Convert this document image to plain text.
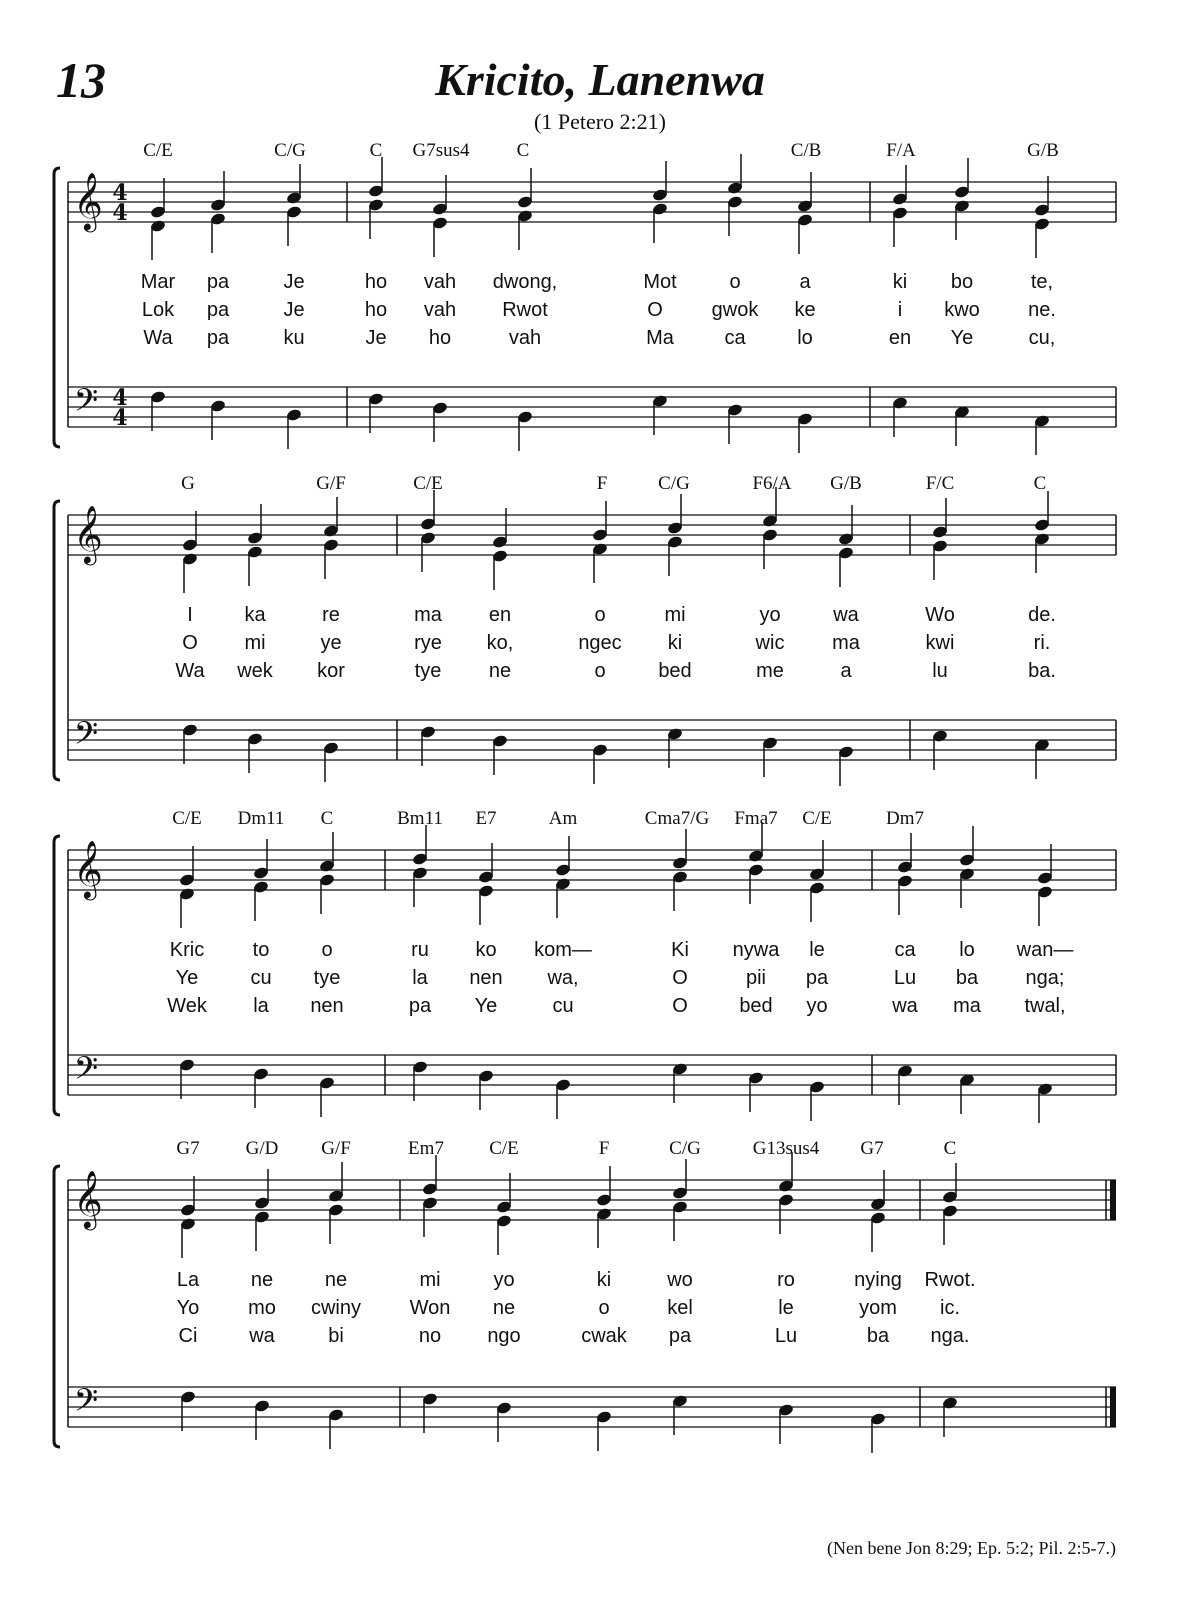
13	Kricito, Lanenwa
(1 Petero 2:21)
𝄞
𝄢
4
4
4
4
𝄞
𝄢
𝄞
𝄢
𝄞
𝄢
C/E	C/G	C G7sus4 C	C/B	F/A	G/B
Mar pa	Je	ho vah dwong,	Mot	o	a	ki bo	te,
Lok pa	Je	ho vah Rwot	O gwok ke	i kwo ne.
Wa pa	ku	Je ho	vah	Ma	ca	lo	en Ye	cu,
G	G/F	C/E	F	C/G	F6/A G/B	F/C	C
I	ka	re	ma en	o	mi	yo	wa	Wo	de.
O mi	ye	rye ko,	ngec ki	wic ma	kwi	ri.
Wa wek kor	tye ne	o	bed	me	a	lu	ba.
C/E Dm11 C	Bm11 E7	Am	Cma7/G Fma7 C/E	Dm7
Kric to	o	ru ko kom—	Ki nywa le	ca lo wan—
Ye	cu tye	la nen wa,	O	pii pa	Lu ba nga;
Wek la nen	pa Ye	cu	O	bed yo	wa ma twal,
G7 G/D G/F	Em7 C/E	F	C/G	G13sus4 G7	C
La	ne	ne	mi	yo	ki	wo	ro	nying Rwot.
Yo mo cwiny Won ne	o	kel	le	yom ic.
Ci	wa	bi	no ngo	cwak pa	Lu	ba nga.
(Nen bene Jon 8:29; Ep. 5:2; Pil. 2:5-7.)
